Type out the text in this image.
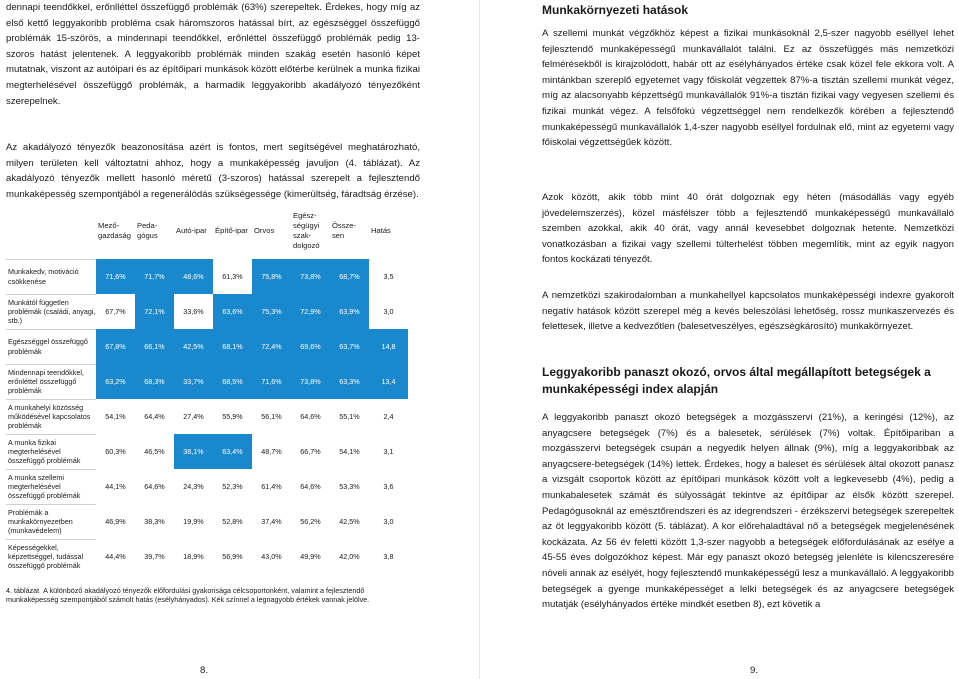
dennapi teendőkkel, erőnlléttel összefüggő problémák (63%) szerepeltek. Érdekes, hogy míg az első kettő leggyakoribb probléma csak háromszoros hatással bírt, az egészséggel összefüggő problémák 15-szörös, a mindennapi teendőkkel, erőnléttel összefüggő problémák pedig 13-szoros hatást jelentenek. A leggyakoribb problémák minden szakág esetén hasonló képet mutatnak, viszont az autóipari és az építőipari munkások között előtérbe kerülnek a munka fizikai megterhelésével összefüggő problémák, a harmadik leggyakoribb akadályozó tényezőként szerepelnek.

Az akadályozó tényezők beazonosítása azért is fontos, mert segítségével meghatározható, milyen területen kell változtatni ahhoz, hogy a munkaképesség javuljon (4. táblázat). Az akadályozó tényezők mellett hasonló méretű (3-szoros) hatással szerepelt a fejlesztendő munkaképesség szempontjából a regenerálódás szükségessége (kimerültség, fáradtság érzése).

	Mező-gazdaság	Peda-gógus	Autó-ipar	Építő-ipar	Orvos	Egész-ségügyi szak-dolgozó	Össze-sen	Hatás
Munkakedv, motiváció csökkenése	71,6%	71,7%	48,6%	61,3%	75,8%	73,8%	68,7%	3,5
Munkától független problémák (családi, anyagi, stb.)	67,7%	72,1%	33,6%	63,6%	75,3%	72,9%	63,9%	3,0
Egészséggel összefüggő problémák	67,8%	66,1%	42,5%	68,1%	72,4%	69,6%	63,7%	14,8
Mindennapi teendőkkel, erőnléttel összefüggő problémák	63,2%	68,3%	33,7%	68,5%	71,6%	73,8%	63,3%	13,4
A munkahelyi közösség működésével kapcsolatos problémák	54,1%	64,4%	27,4%	55,9%	56,1%	64,6%	55,1%	2,4
A munka fizikai megterhelésével összefüggő problémák	60,3%	46,5%	38,1%	63,4%	48,7%	66,7%	54,1%	3,1
A munka szellemi megterhelésével összefüggő problémák	44,1%	64,6%	24,3%	52,3%	61,4%	64,6%	53,3%	3,6
Problémák a munkakörnyezetben (munkavédelem)	46,9%	38,3%	19,9%	52,8%	37,4%	56,2%	42,5%	3,0
Képességekkel, képzettséggel, tudással összefüggő problémák	44,4%	39,7%	18,9%	56,9%	43,0%	49,9%	42,0%	3,8

4. táblázat A különböző akadályozó tényezők előfordulási gyakorisága célcsoportonként, valamint a fejlesztendő munkaképesség szempontjából számolt hatás (esélyhányados). Kék színnel a legnagyobb értékek vannak jelölve.

8.
Munkakörnyezeti hatások

A szellemi munkát végzőkhöz képest a fizikai munkásoknál 2,5-szer nagyobb eséllyel lehet fejlesztendő munkaképességű munkavállalót találni. Ez az összefüggés más nemzetközi felmérésekből is kirajzolódott, habár ott az esélyhányados értéke csak közel fele ekkora volt. A mintánkban szereplő egyetemet vagy főiskolát végzettek 87%-a tisztán szellemi munkát végez, míg az alacsonyabb képzettségű munkavállalók 91%-a tisztán fizikai vagy vegyesen szellemi és fizikai munkát végez. A felsőfokú végzettséggel nem rendelkezők körében a fejlesztendő munkaképességű munkavállalók 1,4-szer nagyobb eséllyel fordulnak elő, mint az egyetemi vagy főiskolai végzettségűek között.

Azok között, akik több mint 40 órát dolgoznak egy héten (másodállás vagy egyéb jövedelemszerzés), közel másfélszer több a fejlesztendő munkaképességű munkavállaló szemben azokkal, akik 40 órát, vagy annál kevesebbet dolgoznak hetente. Nemzetközi vonatkozásban a fizikai vagy szellemi túlterhelést többen megemlítik, mint az egyik nagyon fontos kockázati tényezőt.

A nemzetközi szakirodalomban a munkahellyel kapcsolatos munkaképességi indexre gyakorolt negatív hatások között szerepel még a kevés beleszólási lehetőség, rossz munkaszervezés és felettesek, illetve a kedvezőtlen (balesetveszélyes, egészségkárosító) munkakörnyezet.

Leggyakoribb panaszt okozó, orvos által megállapított betegségek a munkaképességi index alapján

A leggyakoribb panaszt okozó betegségek a mozgásszervi (21%), a keringési (12%), az anyagcsere betegségek (7%) és a balesetek, sérülések (7%) voltak. Építőipariban a mozgásszervi betegségek csupán a negyedik helyen állnak (9%), míg a leggyakoribbak az anyagcsere-betegségek (14%) lettek. Érdekes, hogy a baleset és sérülések által okozott panasz a vizsgált csoportok között az építőipari munkások között volt a legkevesebb (4%), pedig a munkabalesetek számát és súlyosságát tekintve az építőipar az élsők között szerepel. Pedagógusoknál az emésztőrendszeri és az idegrendszeri - érzékszervi betegségek szerepeltek az öt leggyakoribb között (5. táblázat). A kor előrehaladtával nő a betegségek megjelenésének kockázata. Az 56 év feletti között 1,3-szer nagyobb a betegségek előfordulásának az esélye a 45-55 éves dolgozókhoz képest. Már egy panaszt okozó betegség jelenléte is kilencszeresére növeli annak az esélyét, hogy fejlesztendő munkaképességű lesz a munkavállaló. A leggyakoribb betegségek a gyenge munkaképességet a lelki betegségek és az anyagcsere betegségek mutatják (esélyhányados értéke mindkét esetben 8), ezt követik a

9.
